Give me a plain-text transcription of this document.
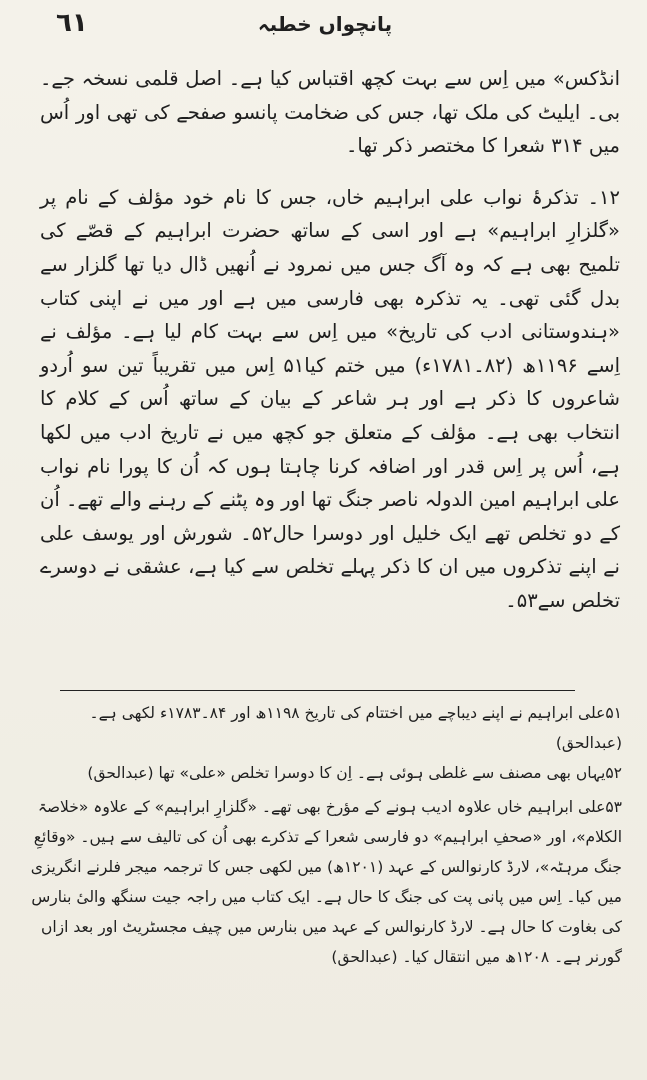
٦١	پانچواں خطبہ

انڈکس» میں اِس سے بہت کچھ اقتباس کیا ہے۔ اصل قلمی نسخہ جے۔بی۔ ایلیٹ کی ملک تھا، جس کی ضخامت پانسو صفحے کی تھی اور اُس میں ۳۱۴ شعرا کا مختصر ذکر تھا۔

۱۲۔ تذکرۂ نواب علی ابراہیم خاں، جس کا نام خود مؤلف کے نام پر «گلزارِ ابراہیم» ہے اور اسی کے ساتھ حضرت ابراہیم کے قصّے کی تلمیح بھی ہے کہ وہ آگ جس میں نمرود نے اُنھیں ڈال دیا تھا گلزار سے بدل گئی تھی۔ یہ تذکرہ بھی فارسی میں ہے اور میں نے اپنی کتاب «ہندوستانی ادب کی تاریخ» میں اِس سے بہت کام لیا ہے۔ مؤلف نے اِسے ۱۱۹۶ھ (۸۲۔۱۷۸۱ء) میں ختم کیا۵۱ اِس میں تقریباً تین سو اُردو شاعروں کا ذکر ہے اور ہر شاعر کے بیان کے ساتھ اُس کے کلام کا انتخاب بھی ہے۔ مؤلف کے متعلق جو کچھ میں نے تاریخ ادب میں لکھا ہے، اُس پر اِس قدر اور اضافہ کرنا چاہتا ہوں کہ اُن کا پورا نام نواب علی ابراہیم امین الدولہ ناصر جنگ تھا اور وہ پٹنے کے رہنے والے تھے۔ اُن کے دو تخلص تھے ایک خلیل اور دوسرا حال۵۲۔ شورش اور یوسف علی نے اپنے تذکروں میں ان کا ذکر پہلے تخلص سے کیا ہے، عشقی نے دوسرے تخلص سے۵۳۔

۵۱علی ابراہیم نے اپنے دیباچے میں اختتام کی تاریخ ۱۱۹۸ھ اور ۸۴۔۱۷۸۳ء لکھی ہے۔ (عبدالحق)

۵۲یہاں بھی مصنف سے غلطی ہوئی ہے۔ اِن کا دوسرا تخلص «علی» تھا (عبدالحق)

۵۳علی ابراہیم خاں علاوہ ادیب ہونے کے مؤرخ بھی تھے۔ «گلزارِ ابراہیم» کے علاوہ «خلاصۃ الکلام»، اور «صحفِ ابراہیم» دو فارسی شعرا کے تذکرے بھی اُن کی تالیف سے ہیں۔ «وقائعِ جنگ مرہٹہ»، لارڈ کارنوالس کے عہد (۱۲۰۱ھ) میں لکھی جس کا ترجمہ میجر فلرنے انگریزی میں کیا۔ اِس میں پانی پت کی جنگ کا حال ہے۔ ایک کتاب میں راجہ جیت سنگھ والیٔ بنارس کی بغاوت کا حال ہے۔ لارڈ کارنوالس کے عہد میں بنارس میں چیف مجسٹریٹ اور بعد ازاں گورنر ہے۔ ۱۲۰۸ھ میں انتقال کیا۔ (عبدالحق)
